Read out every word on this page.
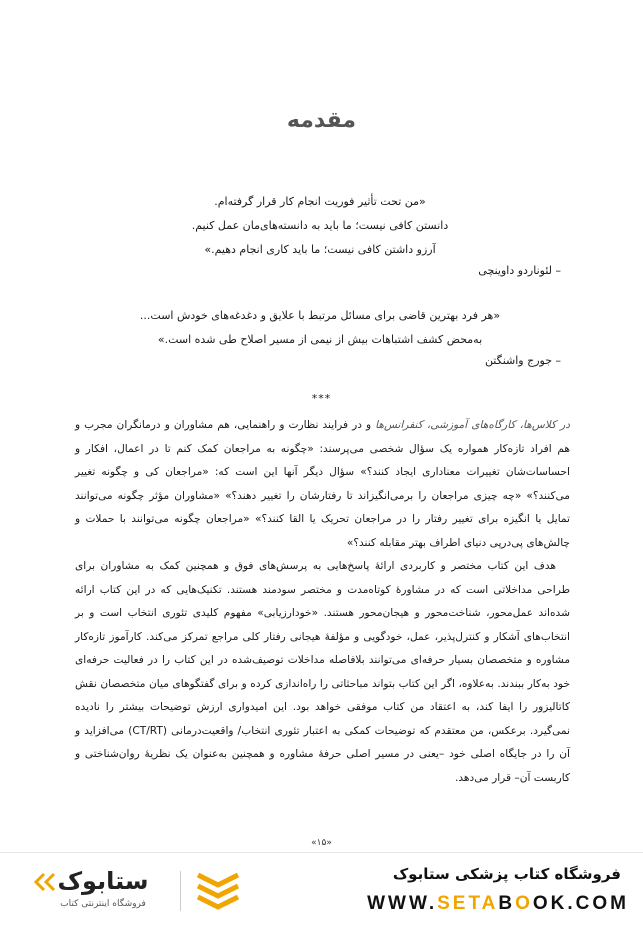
مقدمه
«من تحت تأثیر فوریت انجام کار قرار گرفته‌ام.
دانستن کافی نیست؛ ما باید به دانسته‌های‌مان عمل کنیم.
آرزو داشتن کافی نیست؛ ما باید کاری انجام دهیم.»
– لئوناردو داوینچی
«هر فرد بهترین قاضی برای مسائل مرتبط با علایق و دغدغه‌های خودش است...
به‌محض کشف اشتباهات بیش از نیمی از مسیر اصلاح طی شده است.»
– جورج واشنگتن
***

در کلاس‌ها، کارگاه‌های آموزشی، کنفرانس‌ها و در فرایند نظارت و راهنمایی، هم مشاوران و درمانگران مجرب و هم افراد تازه‌کار همواره یک سؤال شخصی می‌پرسند: «چگونه به مراجعان کمک کنم تا در اعمال، افکار و احساسات‌شان تغییرات معناداری ایجاد کنند؟» سؤال دیگر آنها این است که: «مراجعان کی و چگونه تغییر می‌کنند؟» «چه چیزی مراجعان را برمی‌انگیزاند تا رفتارشان را تغییر دهند؟» «مشاوران مؤثر چگونه می‌توانند تمایل یا انگیزه برای تغییر رفتار را در مراجعان تحریک یا القا کنند؟» «مراجعان چگونه می‌توانند با حملات و چالش‌های پی‌درپی دنیای اطراف بهتر مقابله کنند؟»

هدف این کتاب مختصر و کاربردی ارائهٔ پاسخ‌هایی به پرسش‌های فوق و همچنین کمک به مشاوران برای طراحی مداخلاتی است که در مشاورهٔ کوتاه‌مدت و مختصر سودمند هستند. تکنیک‌هایی که در این کتاب ارائه شده‌اند عمل‌محور، شناخت‌محور و هیجان‌محور هستند. «خودارزیابی» مفهوم کلیدی تئوری انتخاب است و بر انتخاب‌های آشکار و کنترل‌پذیر، عمل، خودگویی و مؤلفهٔ هیجانی رفتار کلی مراجع تمرکز می‌کند. کارآموز تازه‌کار مشاوره و متخصصان بسیار حرفه‌ای می‌توانند بلافاصله مداخلات توصیف‌شده در این کتاب را در فعالیت حرفه‌ای خود به‌کار ببندند. به‌علاوه، اگر این کتاب بتواند مباحثاتی را راه‌اندازی کرده و برای گفتگوهای میان متخصصان نقش کاتالیزور را ایفا کند، به اعتقاد من کتاب موفقی خواهد بود. این امیدواری ارزش توضیحات بیشتر را نادیده نمی‌گیرد. برعکس، من معتقدم که توضیحات کمکی به اعتبار تئوری انتخاب/ واقعیت‌درمانی (CT/RT) می‌افزاید و آن را در جایگاه اصلی خود –یعنی در مسیر اصلی حرفهٔ مشاوره و همچنین به‌عنوان یک نظریهٔ روان‌شناختی و کاربست آن– قرار می‌دهد.

«۱۵»
فروشگاه کتاب پزشکی ستابوک
WWW.SETABOOK.COM
ستابوک
فروشگاه اینترنتی کتاب
